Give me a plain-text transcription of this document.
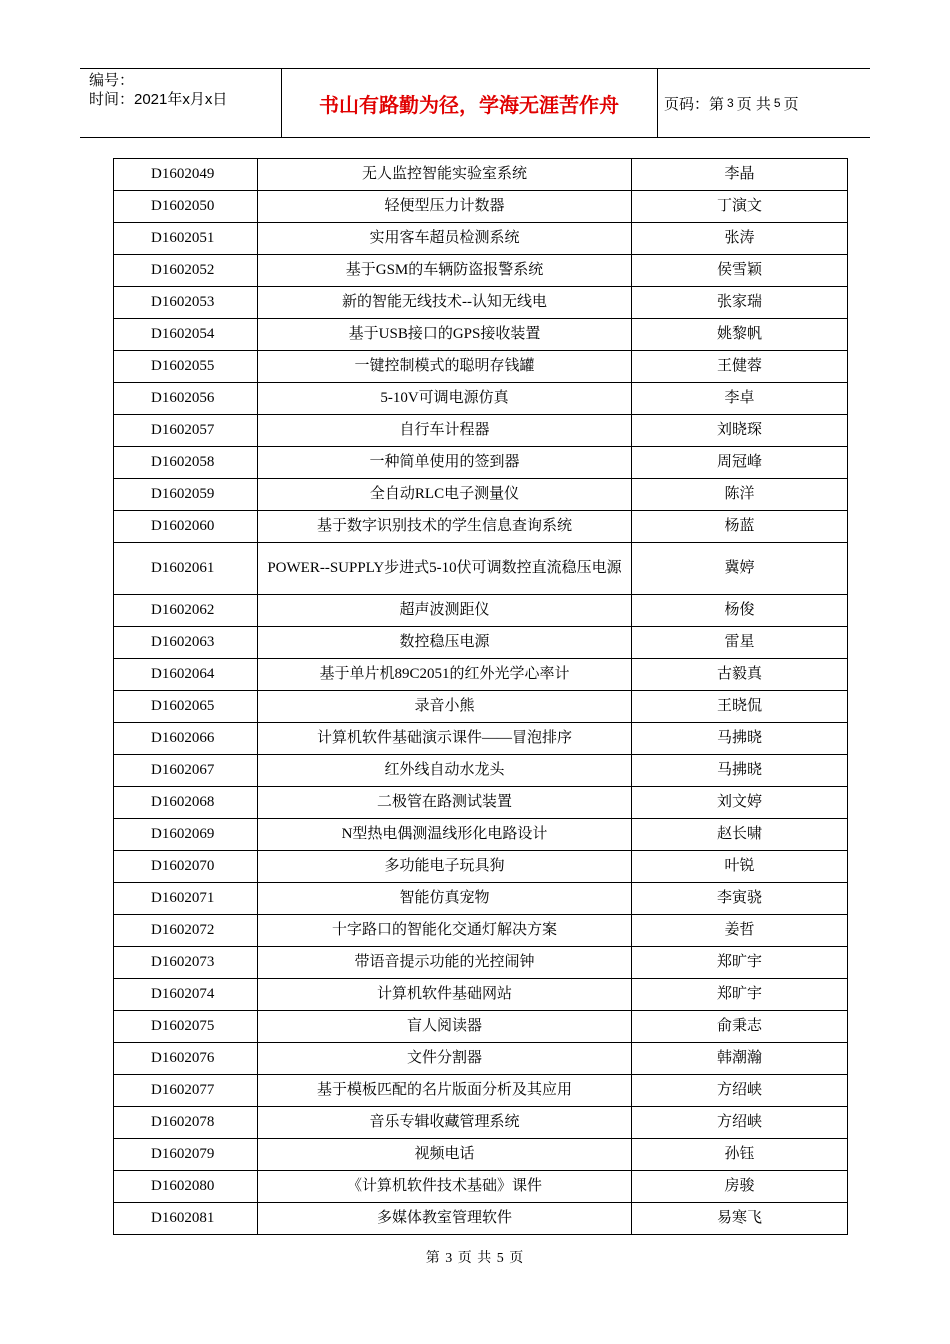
编号：
时间：2021年x月x日	书山有路勤为径，学海无涯苦作舟	页码：第 3 页 共 5 页
D1602049	无人监控智能实验室系统	李晶
D1602050	轻便型压力计数器	丁演文
D1602051	实用客车超员检测系统	张涛
D1602052	基于GSM的车辆防盗报警系统	侯雪颖
D1602053	新的智能无线技术--认知无线电	张家瑞
D1602054	基于USB接口的GPS接收装置	姚黎帆
D1602055	一键控制模式的聪明存钱罐	王健蓉
D1602056	5-10V可调电源仿真	李卓
D1602057	自行车计程器	刘晓琛
D1602058	一种简单使用的签到器	周冠峰
D1602059	全自动RLC电子测量仪	陈洋
D1602060	基于数字识别技术的学生信息查询系统	杨蓝
D1602061	POWER--SUPPLY步进式5-10伏可调数控直流稳压电源	冀婷
D1602062	超声波测距仪	杨俊
D1602063	数控稳压电源	雷星
D1602064	基于单片机89C2051的红外光学心率计	古毅真
D1602065	录音小熊	王晓侃
D1602066	计算机软件基础演示课件——冒泡排序	马拂晓
D1602067	红外线自动水龙头	马拂晓
D1602068	二极管在路测试装置	刘文婷
D1602069	N型热电偶测温线形化电路设计	赵长啸
D1602070	多功能电子玩具狗	叶锐
D1602071	智能仿真宠物	李寅骁
D1602072	十字路口的智能化交通灯解决方案	姜哲
D1602073	带语音提示功能的光控闹钟	郑旷宇
D1602074	计算机软件基础网站	郑旷宇
D1602075	盲人阅读器	俞秉志
D1602076	文件分割器	韩潮瀚
D1602077	基于模板匹配的名片版面分析及其应用	方绍峡
D1602078	音乐专辑收藏管理系统	方绍峡
D1602079	视频电话	孙钰
D1602080	《计算机软件技术基础》课件	房骏
D1602081	多媒体教室管理软件	易寒飞
第 3 页 共 5 页
